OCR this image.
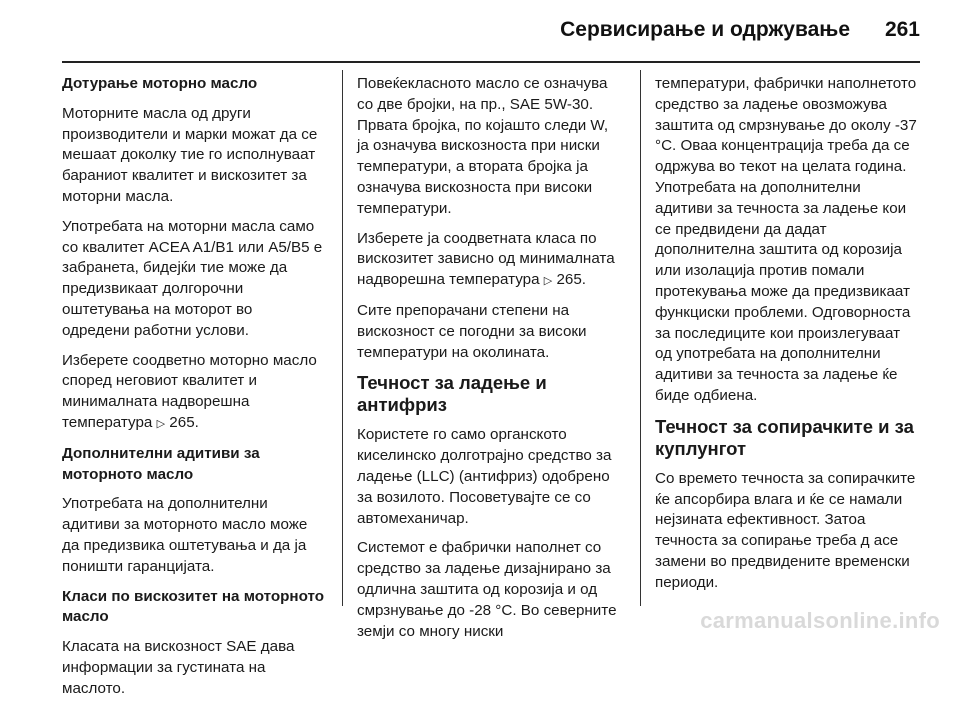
Сервисирање и одржување	261

Дотурање моторно масло

Моторните масла од други производители и марки можат да се мешаат доколку тие го исполнуваат бараниот квалитет и вискозитет за моторни масла.

Употребата на моторни масла само со квалитет ACEA A1/B1 или A5/B5 е забранета, бидејќи тие може да предизвикаат долгорочни оштетувања на моторот во одредени работни услови.

Изберете соодветно моторно масло според неговиот квалитет и минималната надворешна температура ▷ 265.

Дополнителни адитиви за моторното масло

Употребата на дополнителни адитиви за моторното масло може да предизвика оштетувања и да ја поништи гаранцијата.

Класи по вискозитет на моторното масло

Класата на вискозност SAE дава информации за густината на маслото.

Повеќекласното масло се означува со две бројки, на пр., SAE 5W-30. Првата бројка, по којашто следи W, ја означува вискозноста при ниски температури, а втората бројка ја означува вискозноста при високи температури.

Изберете ја соодветната класа по вискозитет зависно од минималната надворешна температура ▷ 265.

Сите препорачани степени на вискозност се погодни за високи температури на околината.

Течност за ладење и антифриз

Користете го само органското киселинско долготрајно средство за ладење (LLC) (антифриз) одобрено за возилото. Посоветувајте се со автомеханичар.

Системот е фабрички наполнет со средство за ладење дизајнирано за одлична заштита од корозија и од смрзнување до -28 °C. Во северните земји со многу ниски

температури, фабрички наполнетото средство за ладење овозможува заштита од смрзнување до околу -37 °C. Оваа концентрација треба да се одржува во текот на целата година. Употребата на дополнителни адитиви за течноста за ладење кои се предвидени да дадат дополнителна заштита од корозија или изолација против помали протекувања може да предизвикаат функциски проблеми. Одговорноста за последиците кои произлегуваат од употребата на дополнителни адитиви за течноста за ладење ќе биде одбиена.

Течност за сопирачките и за куплунгот

Со времето течноста за сопирачките ќе апсорбира влага и ќе се намали нејзината ефективност. Затоа течноста за сопирање треба д асе замени во предвидените временски периоди.

carmanualsonline.info
